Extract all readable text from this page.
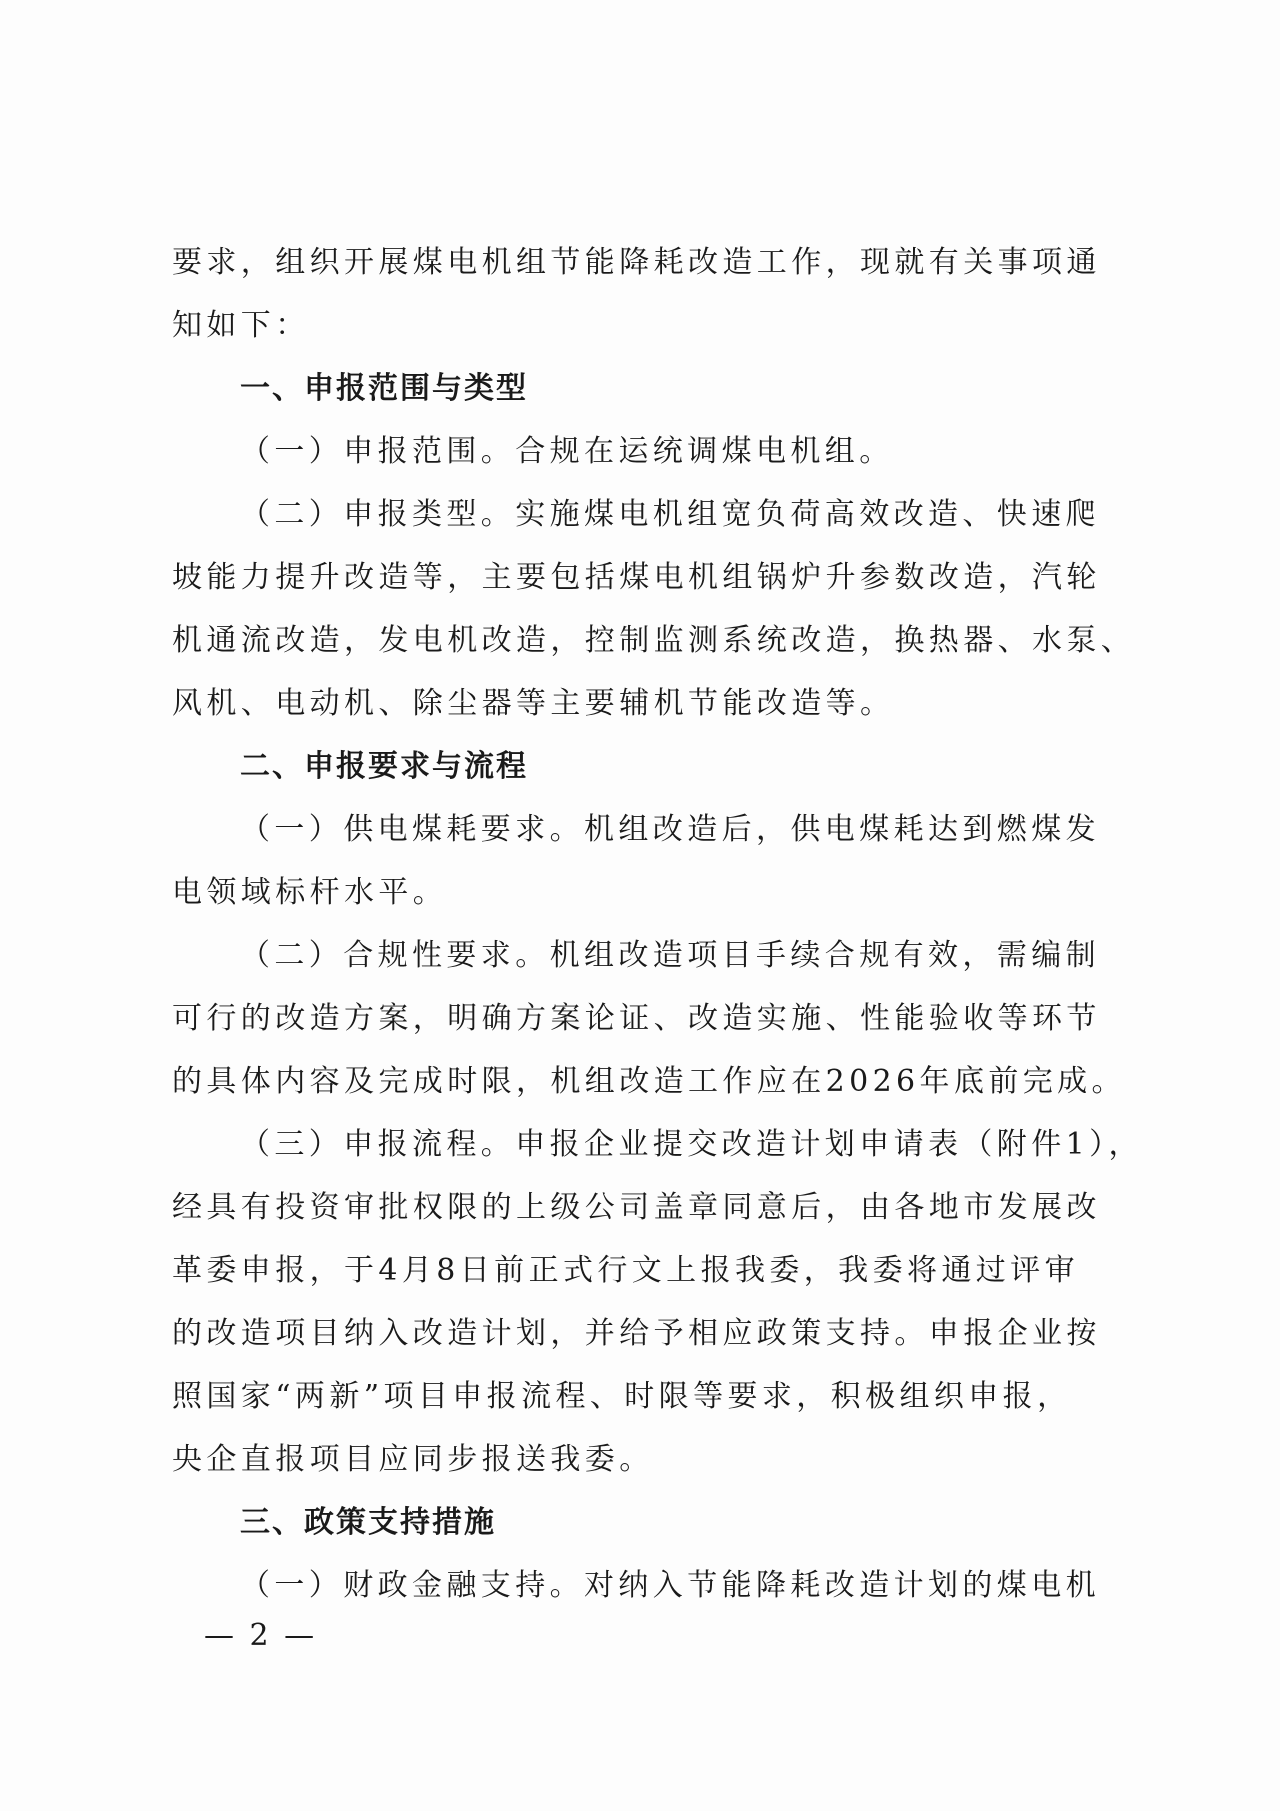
要求，组织开展煤电机组节能降耗改造工作，现就有关事项通
知如下：
一、申报范围与类型
（一）申报范围。合规在运统调煤电机组。
（二）申报类型。实施煤电机组宽负荷高效改造、快速爬
坡能力提升改造等，主要包括煤电机组锅炉升参数改造，汽轮
机通流改造，发电机改造，控制监测系统改造，换热器、水泵、
风机、电动机、除尘器等主要辅机节能改造等。
二、申报要求与流程
（一）供电煤耗要求。机组改造后，供电煤耗达到燃煤发
电领域标杆水平。
（二）合规性要求。机组改造项目手续合规有效，需编制
可行的改造方案，明确方案论证、改造实施、性能验收等环节
的具体内容及完成时限，机组改造工作应在2026年底前完成。
（三）申报流程。申报企业提交改造计划申请表（附件1），
经具有投资审批权限的上级公司盖章同意后，由各地市发展改
革委申报，于4月8日前正式行文上报我委，我委将通过评审
的改造项目纳入改造计划，并给予相应政策支持。申报企业按
照国家“两新”项目申报流程、时限等要求，积极组织申报，
央企直报项目应同步报送我委。
三、政策支持措施
（一）财政金融支持。对纳入节能降耗改造计划的煤电机
— 2 —
